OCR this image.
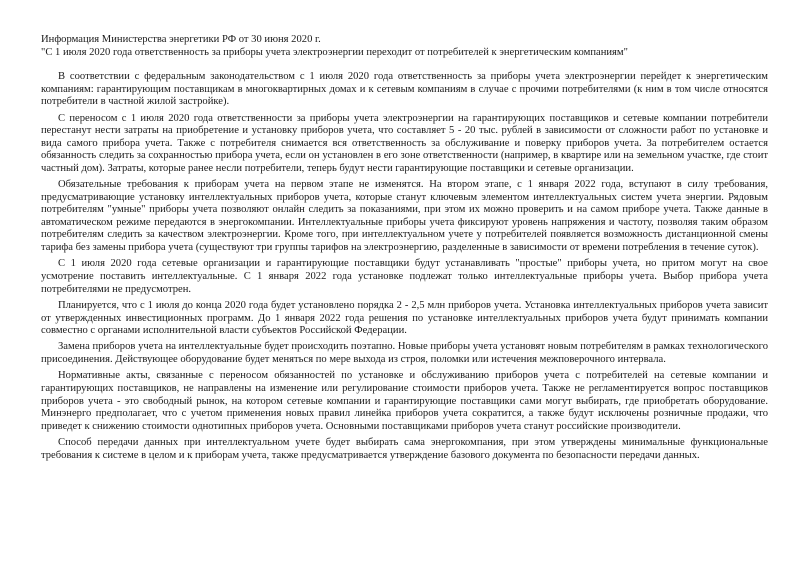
Информация Министерства энергетики РФ от 30 июня 2020 г.
"С 1 июля 2020 года ответственность за приборы учета электроэнергии переходит от потребителей к энергетическим компаниям"

В соответствии с федеральным законодательством с 1 июля 2020 года ответственность за приборы учета электроэнергии перейдет к энергетическим компаниям: гарантирующим поставщикам в многоквартирных домах и к сетевым компаниям в случае с прочими потребителями (к ним в том числе относятся потребители в частной жилой застройке).

С переносом с 1 июля 2020 года ответственности за приборы учета электроэнергии на гарантирующих поставщиков и сетевые компании потребители перестанут нести затраты на приобретение и установку приборов учета, что составляет 5 - 20 тыс. рублей в зависимости от сложности работ по установке и вида самого прибора учета. Также с потребителя снимается вся ответственность за обслуживание и поверку приборов учета. За потребителем остается обязанность следить за сохранностью прибора учета, если он установлен в его зоне ответственности (например, в квартире или на земельном участке, где стоит частный дом). Затраты, которые ранее несли потребители, теперь будут нести гарантирующие поставщики и сетевые организации.

Обязательные требования к приборам учета на первом этапе не изменятся. На втором этапе, с 1 января 2022 года, вступают в силу требования, предусматривающие установку интеллектуальных приборов учета, которые станут ключевым элементом интеллектуальных систем учета энергии. Рядовым потребителям "умные" приборы учета позволяют онлайн следить за показаниями, при этом их можно проверить и на самом приборе учета. Также данные в автоматическом режиме передаются в энергокомпании. Интеллектуальные приборы учета фиксируют уровень напряжения и частоту, позволяя таким образом потребителям следить за качеством электроэнергии. Кроме того, при интеллектуальном учете у потребителей появляется возможность дистанционной смены тарифа без замены прибора учета (существуют три группы тарифов на электроэнергию, разделенные в зависимости от времени потребления в течение суток).

С 1 июля 2020 года сетевые организации и гарантирующие поставщики будут устанавливать "простые" приборы учета, но притом могут на свое усмотрение поставить интеллектуальные. С 1 января 2022 года установке подлежат только интеллектуальные приборы учета. Выбор прибора учета потребителями не предусмотрен.

Планируется, что с 1 июля до конца 2020 года будет установлено порядка 2 - 2,5 млн приборов учета. Установка интеллектуальных приборов учета зависит от утвержденных инвестиционных программ. До 1 января 2022 года решения по установке интеллектуальных приборов учета будут принимать компании совместно с органами исполнительной власти субъектов Российской Федерации.

Замена приборов учета на интеллектуальные будет происходить поэтапно. Новые приборы учета установят новым потребителям в рамках технологического присоединения. Действующее оборудование будет меняться по мере выхода из строя, поломки или истечения межповерочного интервала.

Нормативные акты, связанные с переносом обязанностей по установке и обслуживанию приборов учета с потребителей на сетевые компании и гарантирующих поставщиков, не направлены на изменение или регулирование стоимости приборов учета. Также не регламентируется вопрос поставщиков приборов учета - это свободный рынок, на котором сетевые компании и гарантирующие поставщики сами могут выбирать, где приобретать оборудование. Минэнерго предполагает, что с учетом применения новых правил линейка приборов учета сократится, а также будут исключены розничные продажи, что приведет к снижению стоимости однотипных приборов учета. Основными поставщиками приборов учета станут российские производители.

Способ передачи данных при интеллектуальном учете будет выбирать сама энергокомпания, при этом утверждены минимальные функциональные требования к системе в целом и к приборам учета, также предусматривается утверждение базового документа по безопасности передачи данных.
